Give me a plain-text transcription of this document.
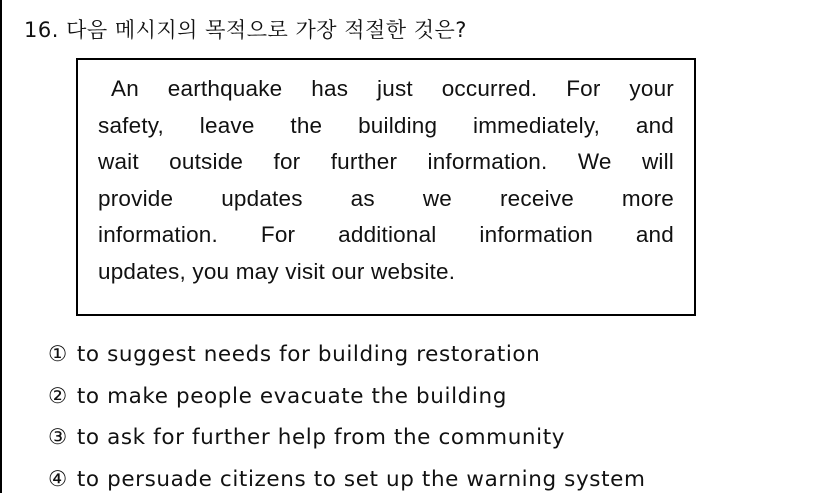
16. 다음 메시지의 목적으로 가장 적절한 것은?
An earthquake has just occurred. For your
safety, leave the building immediately, and
wait outside for further information. We will
provide updates as we receive more
information. For additional information and
updates, you may visit our website.
① to suggest needs for building restoration
② to make people evacuate the building
③ to ask for further help from the community
④ to persuade citizens to set up the warning system
